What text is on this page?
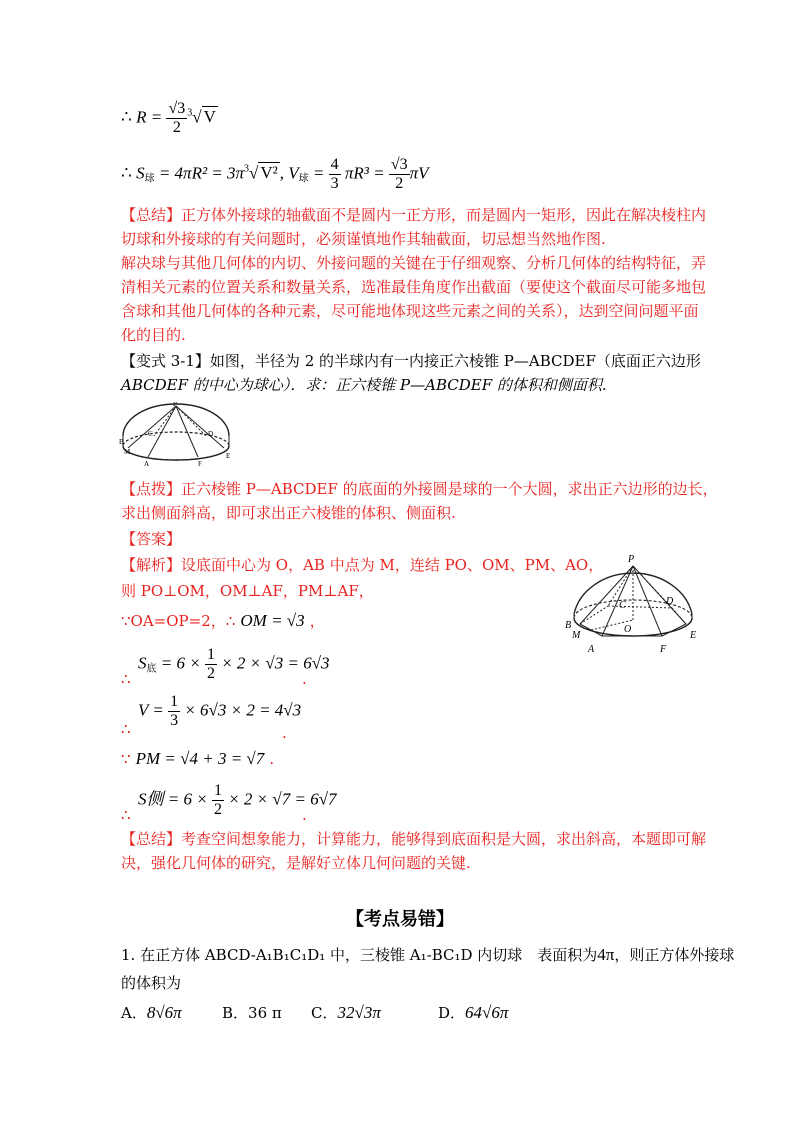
∴ $R = \frac{√3}{2} ^3√$ V
∴ $S_球 = 4\pi R^2 = 3\pi^3√$ V² , $V_球 = \frac{4}{3} \pi R^3 = \frac{√3}{2}$ πV
【总结】正方体外接球的轴截面不是圆内一正方形，而是圆内一矩形，因此在解决棱柱内
切球和外接球的有关问题时，必须谨慎地作其轴截面，切忌想当然地作图.
解决球与其他几何体的内切、外接问题的关键在于仔细观察、分析几何体的结构特征，弄
清相关元素的位置关系和数量关系，选准最佳角度作出截面（要使这个截面尽可能多地包
含球和其他几何体的各种元素，尽可能地体现这些元素之间的关系），达到空间问题平面
化的目的.
【变式 3-1】如图，半径为 2 的半球内有一内接正六棱锥 P—ABCDEF（底面正六边形
ABCDEF 的中心为球心）．求：正六棱锥 P—ABCDEF 的体积和侧面积.
P
B
C	D
E
F
A
M
【点拨】正六棱锥 P—ABCDEF 的底面的外接圆是球的一个大圆，求出正六边形的边长，
求出侧面斜高，即可求出正六棱锥的体积、侧面积.
【答案】
【解析】设底面中心为 O，AB 中点为 M，连结 PO、OM、PM、AO，
则 PO⊥OM，OM⊥AF，PM⊥AF，
∵OA=OP=2，∴ OM = √3 ，
$S_底 = 6 \times \frac{1}{2} \times 2 \times √3 = 6√3$
∴	.
$V = \frac{1}{3} \times 6√3 \times 2 = 4√3$
∴	.
∵ PM = √4 + 3 = √7 .
S侧 = $6 \times \frac{1}{2} \times 2 \times √7 = 6√7$
∴	.
P
C	D
B
M
O
A	F
E
【总结】考查空间想象能力，计算能力，能够得到底面积是大圆，求出斜高，本题即可解
决，强化几何体的研究，是解好立体几何问题的关键.
【考点易错】
1. 在正方体 ABCD-A₁B₁C₁D₁ 中，三棱锥 A₁-BC₁D 内切球　表面积为4π，则正方体外接球
的体积为
A．8√6π	B．36 π C．32√3π	D．64√6π
